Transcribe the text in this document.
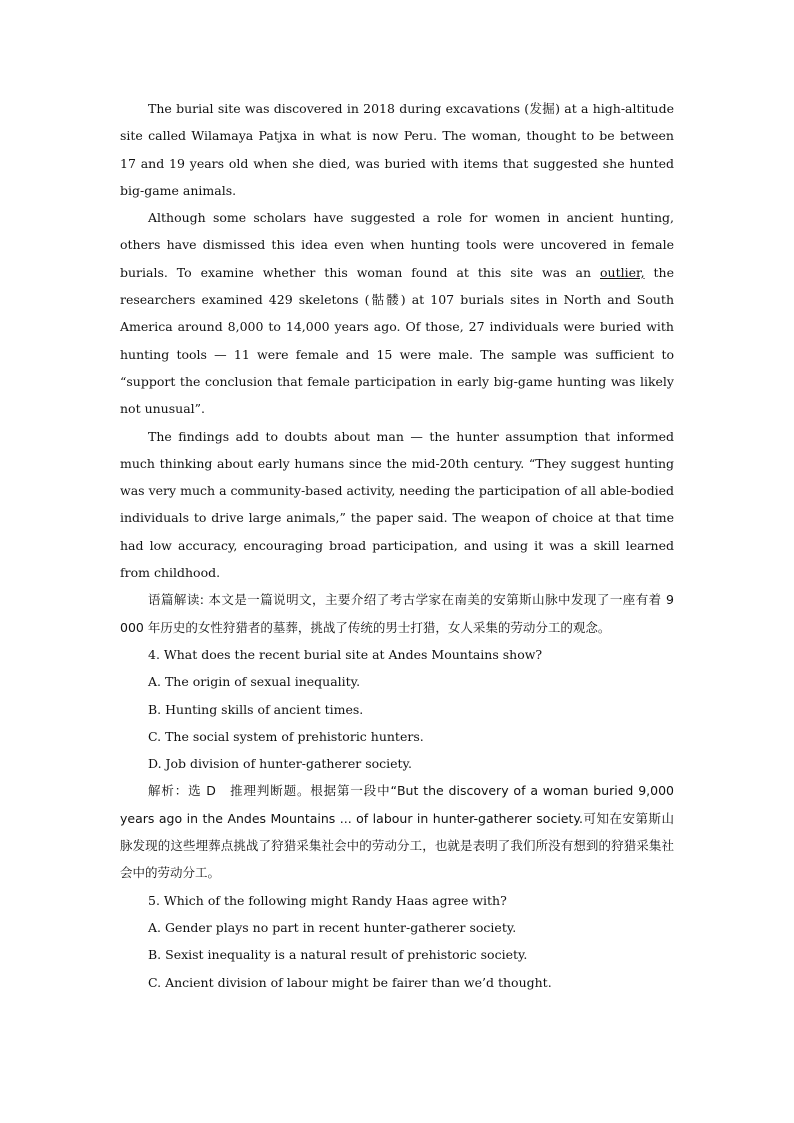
The burial site was discovered in 2018 during excavations (发掘) at a high-altitude site called Wilamaya Patjxa in what is now Peru. The woman, thought to be between 17 and 19 years old when she died, was buried with items that suggested she hunted big-game animals.

Although some scholars have suggested a role for women in ancient hunting, others have dismissed this idea even when hunting tools were uncovered in female burials. To examine whether this woman found at this site was an outlier, the researchers examined 429 skeletons (骷髅) at 107 burials sites in North and South America around 8,000 to 14,000 years ago. Of those, 27 individuals were buried with hunting tools — 11 were female and 15 were male. The sample was sufficient to “support the conclusion that female participation in early big-game hunting was likely not unusual”.

The findings add to doubts about man — the hunter assumption that informed much thinking about early humans since the mid-20th century. “They suggest hunting was very much a community-based activity, needing the participation of all able-bodied individuals to drive large animals,” the paper said. The weapon of choice at that time had low accuracy, encouraging broad participation, and using it was a skill learned from childhood.

语篇解读: 本文是一篇说明文，主要介绍了考古学家在南美的安第斯山脉中发现了一座有着 9 000 年历史的女性狩猎者的墓葬，挑战了传统的男士打猎，女人采集的劳动分工的观念。

4. What does the recent burial site at Andes Mountains show?

A. The origin of sexual inequality.

B. Hunting skills of ancient times.

C. The social system of prehistoric hunters.

D. Job division of hunter-gatherer society.

解析：选 D　推理判断题。根据第一段中“But the discovery of a woman buried 9,000 years ago in the Andes Mountains ... of labour in hunter-gatherer society.可知在安第斯山脉发现的这些埋葬点挑战了狩猎采集社会中的劳动分工，也就是表明了我们所没有想到的狩猎采集社会中的劳动分工。

5. Which of the following might Randy Haas agree with?

A. Gender plays no part in recent hunter-gatherer society.

B. Sexist inequality is a natural result of prehistoric society.

C. Ancient division of labour might be fairer than we’d thought.
